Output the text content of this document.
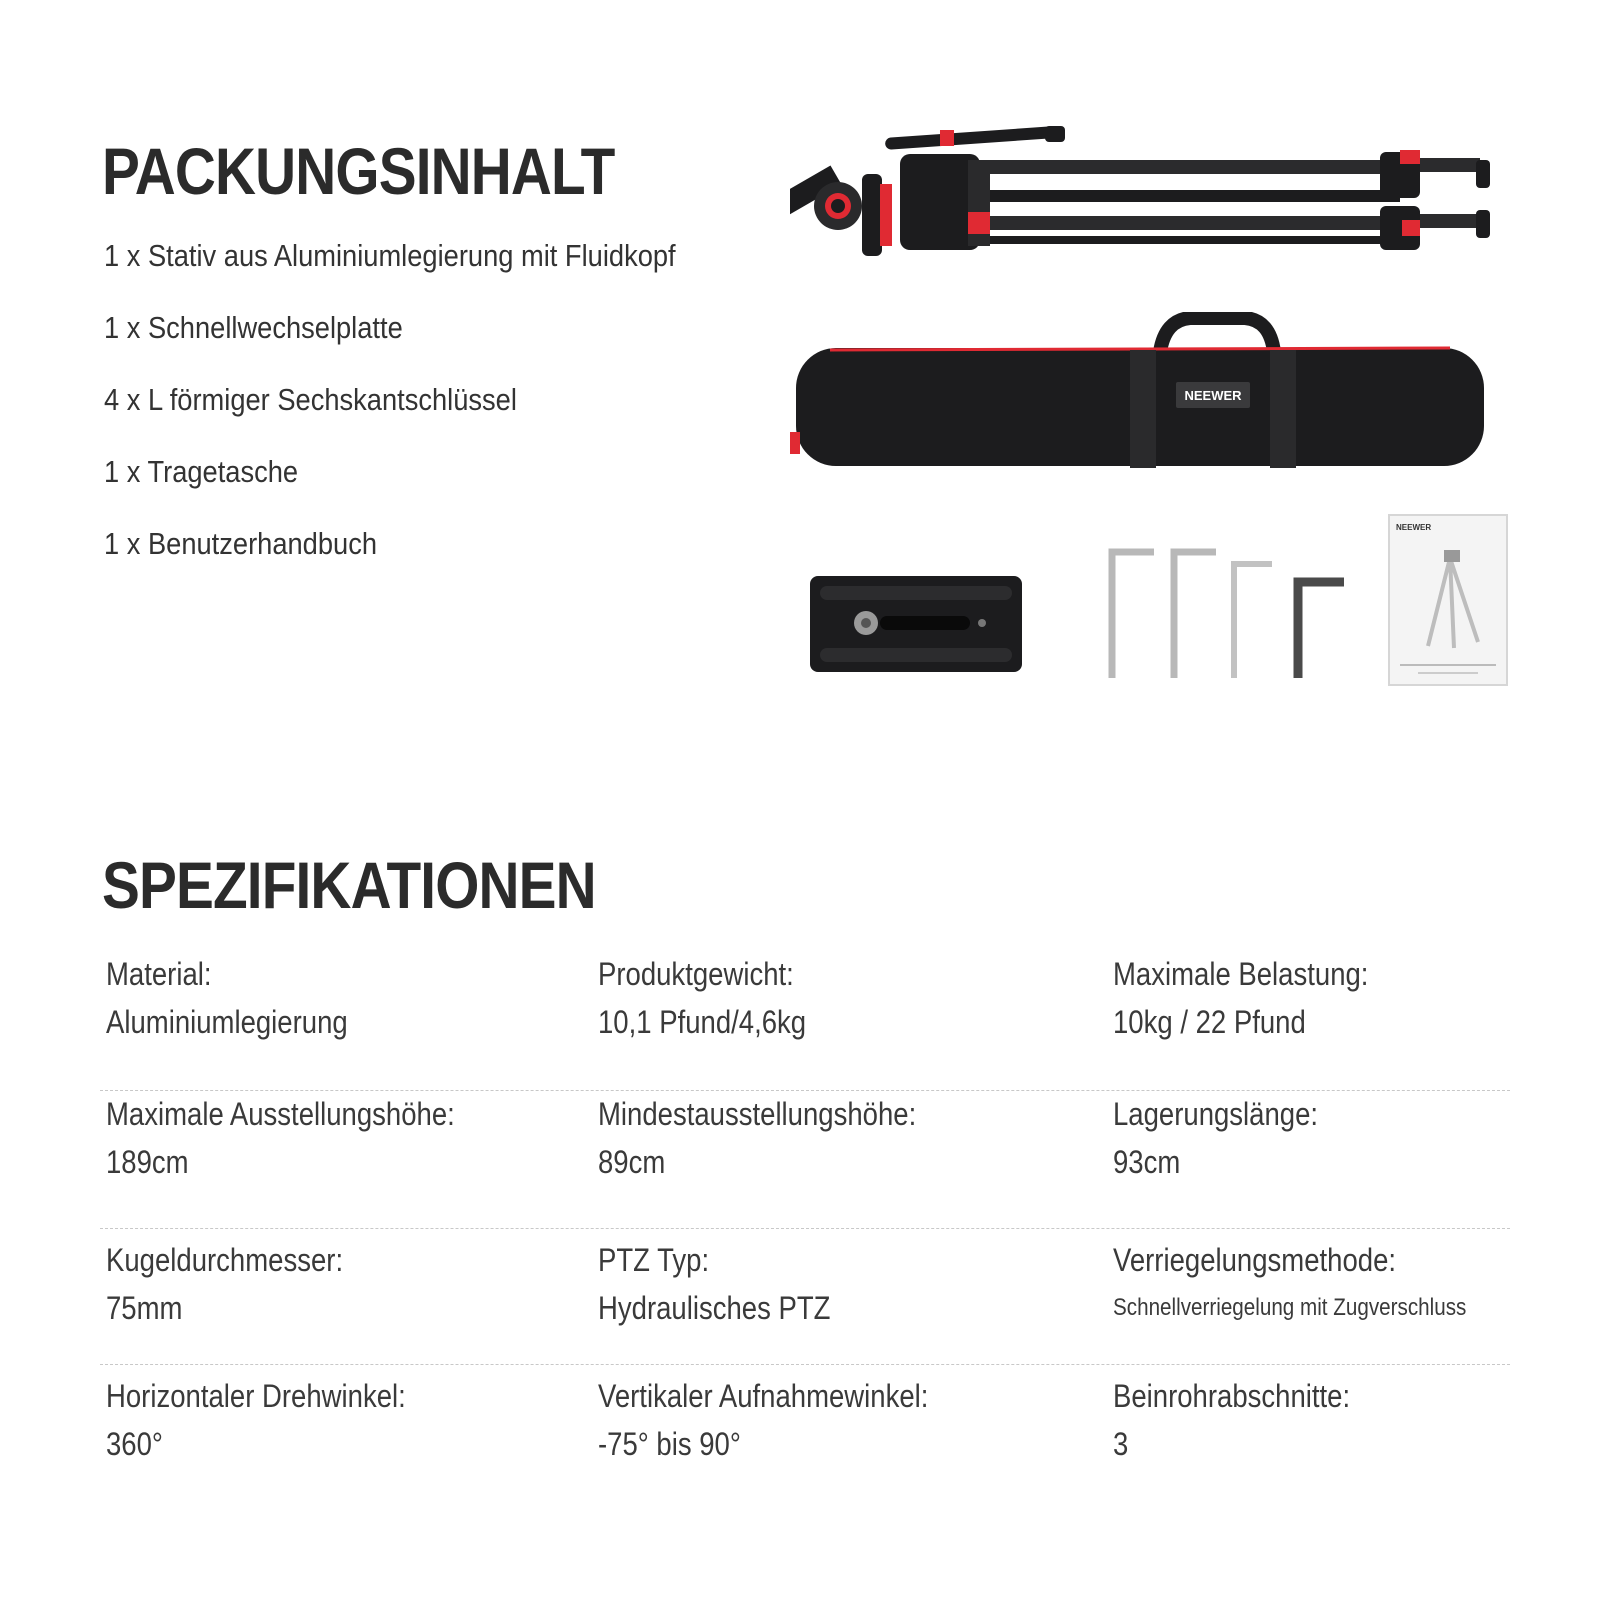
PACKUNGSINHALT
1 x Stativ aus Aluminiumlegierung mit Fluidkopf
1 x Schnellwechselplatte
4 x L förmiger Sechskantschlüssel
1 x Tragetasche
1 x Benutzerhandbuch
NEEWER
NEEWER
SPEZIFIKATIONEN
Material:
Aluminiumlegierung
Produktgewicht:
10,1 Pfund/4,6kg
Maximale Belastung:
10kg / 22 Pfund
Maximale Ausstellungshöhe:
189cm
Mindestausstellungshöhe:
89cm
Lagerungslänge:
93cm
Kugeldurchmesser:
75mm
PTZ Typ:
Hydraulisches PTZ
Verriegelungsmethode:
Schnellverriegelung mit Zugverschluss
Horizontaler Drehwinkel:
360°
Vertikaler Aufnahmewinkel:
-75° bis 90°
Beinrohrabschnitte:
3
